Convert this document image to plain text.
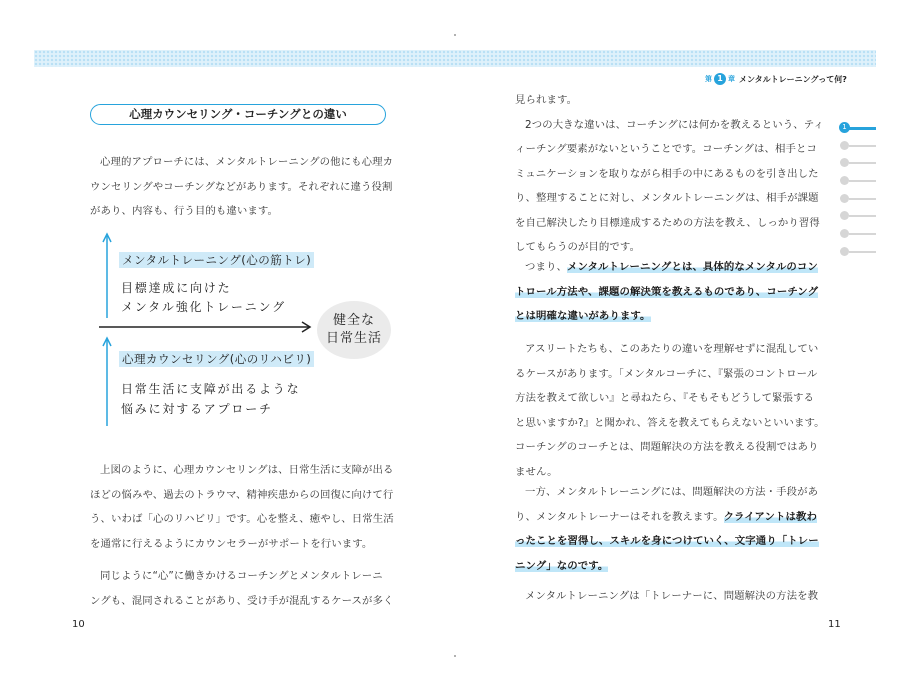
第 1 章 メンタルトレーニングって何?
心理カウンセリング・コーチングとの違い

心理的アプローチには、メンタルトレーニングの他にも心理カ
ウンセリングやコーチングなどがあります。それぞれに違う役割
があり、内容も、行う目的も違います。

メンタルトレーニング(心の筋トレ)
目標達成に向けた
メンタル強化トレーニング
健全な
日常生活
心理カウンセリング(心のリハビリ)
日常生活に支障が出るような
悩みに対するアプローチ

上図のように、心理カウンセリングは、日常生活に支障が出る
ほどの悩みや、過去のトラウマ、精神疾患からの回復に向けて行
う、いわば「心のリハビリ」です。心を整え、癒やし、日常生活
を通常に行えるようにカウンセラーがサポートを行います。

同じように“心”に働きかけるコーチングとメンタルトレーニ
ングも、混同されることがあり、受け手が混乱するケースが多く

10

見られます。
2つの大きな違いは、コーチングには何かを教えるという、ティ
ィーチング要素がないということです。コーチングは、相手とコ
ミュニケーションを取りながら相手の中にあるものを引き出した
り、整理することに対し、メンタルトレーニングは、相手が課題
を自己解決したり目標達成するための方法を教え、しっかり習得
してもらうのが目的です。

つまり、メンタルトレーニングとは、具体的なメンタルのコン
トロール方法や、課題の解決策を教えるものであり、コーチング
とは明確な違いがあります。

アスリートたちも、このあたりの違いを理解せずに混乱してい
るケースがあります。「メンタルコーチに、『緊張のコントロール
方法を教えて欲しい』と尋ねたら、『そもそもどうして緊張する
と思いますか?』と聞かれ、答えを教えてもらえないといいます。
コーチングのコーチとは、問題解決の方法を教える役割ではあり
ません。

一方、メンタルトレーニングには、問題解決の方法・手段があ
り、メンタルトレーナーはそれを教えます。クライアントは教わ
ったことを習得し、スキルを身につけていく、文字通り「トレー
ニング」なのです。

メンタルトレーニングは「トレーナーに、問題解決の方法を教

11
1
